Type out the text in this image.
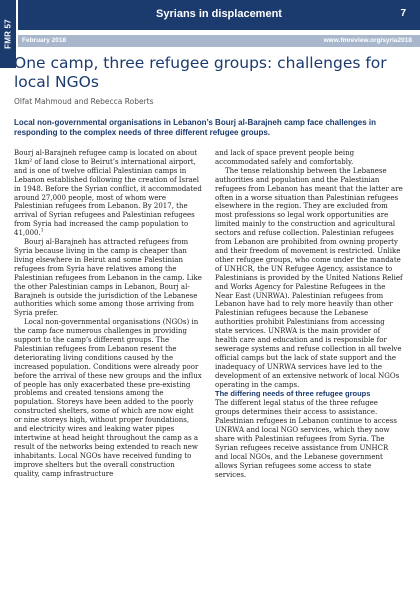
FMR 57
Syrians in displacement	7
February 2018	www.fmreview.org/syria2018
One camp, three refugee groups: challenges for local NGOs
Olfat Mahmoud and Rebecca Roberts
Local non-governmental organisations in Lebanon’s Bourj al-Barajneh camp face challenges in responding to the complex needs of three different refugee groups.

Bourj al-Barajneh refugee camp is located on about 1km² of land close to Beirut’s international airport, and is one of twelve official Palestinian camps in Lebanon established following the creation of Israel in 1948. Before the Syrian conflict, it accommodated around 27,000 people, most of whom were Palestinian refugees from Lebanon. By 2017, the arrival of Syrian refugees and Palestinian refugees from Syria had increased the camp population to 41,000.$^1$

Bourj al-Barajneh has attracted refugees from Syria because living in the camp is cheaper than living elsewhere in Beirut and some Palestinian refugees from Syria have relatives among the Palestinian refugees from Lebanon in the camp. Like the other Palestinian camps in Lebanon, Bourj al-Barajneh is outside the jurisdiction of the Lebanese authorities which some among those arriving from Syria prefer.

Local non-governmental organisations (NGOs) in the camp face numerous challenges in providing support to the camp’s different groups. The Palestinian refugees from Lebanon resent the deteriorating living conditions caused by the increased population. Conditions were already poor before the arrival of these new groups and the influx of people has only exacerbated these pre-existing problems and created tensions among the population. Storeys have been added to the poorly constructed shelters, some of which are now eight or nine storeys high, without proper foundations, and electricity wires and leaking water pipes intertwine at head height throughout the camp as a result of the networks being extended to reach new inhabitants. Local NGOs have received funding to improve shelters but the overall construction quality, camp infrastructure

and lack of space prevent people being accommodated safely and comfortably.

The tense relationship between the Lebanese authorities and population and the Palestinian refugees from Lebanon has meant that the latter are often in a worse situation than Palestinian refugees elsewhere in the region. They are excluded from most professions so legal work opportunities are limited mainly to the construction and agricultural sectors and refuse collection. Palestinian refugees from Lebanon are prohibited from owning property and their freedom of movement is restricted. Unlike other refugee groups, who come under the mandate of UNHCR, the UN Refugee Agency, assistance to Palestinians is provided by the United Nations Relief and Works Agency for Palestine Refugees in the Near East (UNRWA). Palestinian refugees from Lebanon have had to rely more heavily than other Palestinian refugees because the Lebanese authorities prohibit Palestinians from accessing state services. UNRWA is the main provider of health care and education and is responsible for sewerage systems and refuse collection in all twelve official camps but the lack of state support and the inadequacy of UNRWA services have led to the development of an extensive network of local NGOs operating in the camps.

The differing needs of three refugee groups

The different legal status of the three refugee groups determines their access to assistance. Palestinian refugees in Lebanon continue to access UNRWA and local NGO services, which they now share with Palestinian refugees from Syria. The Syrian refugees receive assistance from UNHCR and local NGOs, and the Lebanese government allows Syrian refugees some access to state services.
